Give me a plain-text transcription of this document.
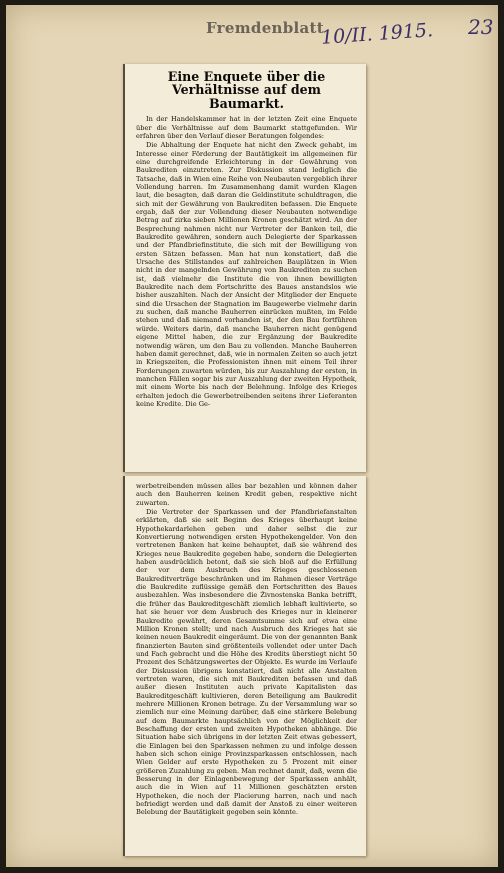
Fremdenblatt
10/II. 1915. 23
Eine Enquete über die Verhältnisse auf dem Baumarkt.

In der Handelskammer hat in der letzten Zeit eine Enquete über die Verhältnisse auf dem Baumarkt stattgefunden. Wir erfahren über den Verlauf dieser Beratungen folgendes:

Die Abhaltung der Enquete hat nicht den Zweck gehabt, im Interesse einer Förderung der Bautätigkeit im allgemeinen für eine durchgreifende Erleichterung in der Gewährung von Baukrediten einzutreten. Zur Diskussion stand lediglich die Tatsache, daß in Wien eine Reihe von Neubauten vergeblich ihrer Vollendung harren. Im Zusammenhang damit wurden Klagen laut, die besagten, daß daran die Geldinstitute schuldtragen, die sich mit der Gewährung von Baukrediten befassen. Die Enquete ergab, daß der zur Vollendung dieser Neubauten notwendige Betrag auf zirka sieben Millionen Kronen geschätzt wird. An der Besprechung nahmen nicht nur Vertreter der Banken teil, die Baukredite gewähren, sondern auch Delegierte der Sparkassen und der Pfandbriefinstitute, die sich mit der Bewilligung von ersten Sätzen befassen. Man hat nun konstatiert, daß die Ursache des Stillstandes auf zahlreichen Bauplätzen in Wien nicht in der mangelnden Gewährung von Baukrediten zu suchen ist, daß vielmehr die Institute die von ihnen bewilligten Baukredite nach dem Fortschritte des Baues anstandslos wie bisher auszahlten. Nach der Ansicht der Mitglieder der Enquete sind die Ursachen der Stagnation im Baugewerbe vielmehr darin zu suchen, daß manche Bauherren einrücken mußten, im Felde stehen und daß niemand vorhanden ist, der den Bau fortführen würde. Weiters darin, daß manche Bauherren nicht genügend eigene Mittel haben, die zur Ergänzung der Baukredite notwendig wären, um den Bau zu vollenden. Manche Bauherren haben damit gerechnet, daß, wie in normalen Zeiten so auch jetzt in Kriegszeiten, die Professionisten ihnen mit einem Teil ihrer Forderungen zuwarten würden, bis zur Auszahlung der ersten, in manchen Fällen sogar bis zur Auszahlung der zweiten Hypothek, mit einem Worte bis nach der Belehnung. Infolge des Krieges erhalten jedoch die Gewerbetreibenden seitens ihrer Lieferanten keine Kredite. Die Ge-

werbetreibenden müssen alles bar bezahlen und können daher auch den Bauherren keinen Kredit geben, respektive nicht zuwarten.

Die Vertreter der Sparkassen und der Pfandbriefanstalten erklärten, daß sie seit Beginn des Krieges überhaupt keine Hypothekardarlehen geben und daher selbst die zur Konvertierung notwendigen ersten Hypothekengelder. Von den vertretenen Banken hat keine behauptet, daß sie während des Krieges neue Baukredite gegeben habe, sondern die Delegierten haben ausdrücklich betont, daß sie sich bloß auf die Erfüllung der vor dem Ausbruch des Krieges geschlossenen Baukreditverträge beschränken und im Rahmen dieser Verträge die Baukredite zuflüssige gemäß den Fortschritten des Baues ausbezahlen. Was insbesondere die Živnostenska Banka betrifft, die früher das Baukreditgeschäft ziemlich lebhaft kultivierte, so hat sie heuer vor dem Ausbruch des Krieges nur in kleinerer Baukredite gewährt, deren Gesamtsumme sich auf etwa eine Million Kronen stellt; und nach Ausbruch des Krieges hat sie keinen neuen Baukredit eingeräumt. Die von der genannten Bank finanzierten Bauten sind größtenteils vollendet oder unter Dach und Fach gebracht und die Höhe des Kredits überstiegt nicht 50 Prozent des Schätzungswertes der Objekte. Es wurde im Verlaufe der Diskussion übrigens konstatiert, daß nicht alle Anstalten vertreten waren, die sich mit Baukrediten befassen und daß außer diesen Instituten auch private Kapitalisten das Baukreditgeschäft kultivieren, deren Beteiligung am Baukredit mehrere Millionen Kronen betrage. Zu der Versammlung war so ziemlich nur eine Meinung darüber, daß eine stärkere Belebung auf dem Baumarkte hauptsächlich von der Möglichkeit der Beschaffung der ersten und zweiten Hypotheken abhänge. Die Situation habe sich übrigens in der letzten Zeit etwas gebessert, die Einlagen bei den Sparkassen nehmen zu und infolge dessen haben sich schon einige Provinzsparkassen entschlossen, nach Wien Gelder auf erste Hypotheken zu 5 Prozent mit einer größeren Zuzahlung zu geben. Man rechnet damit, daß, wenn die Besserung in der Einlagenbewegung der Sparkassen anhält, auch die in Wien auf 11 Millionen geschätzten ersten Hypotheken, die noch der Placierung harren, nach und nach befriedigt werden und daß damit der Anstoß zu einer weiteren Belebung der Bautätigkeit gegeben sein könnte.
